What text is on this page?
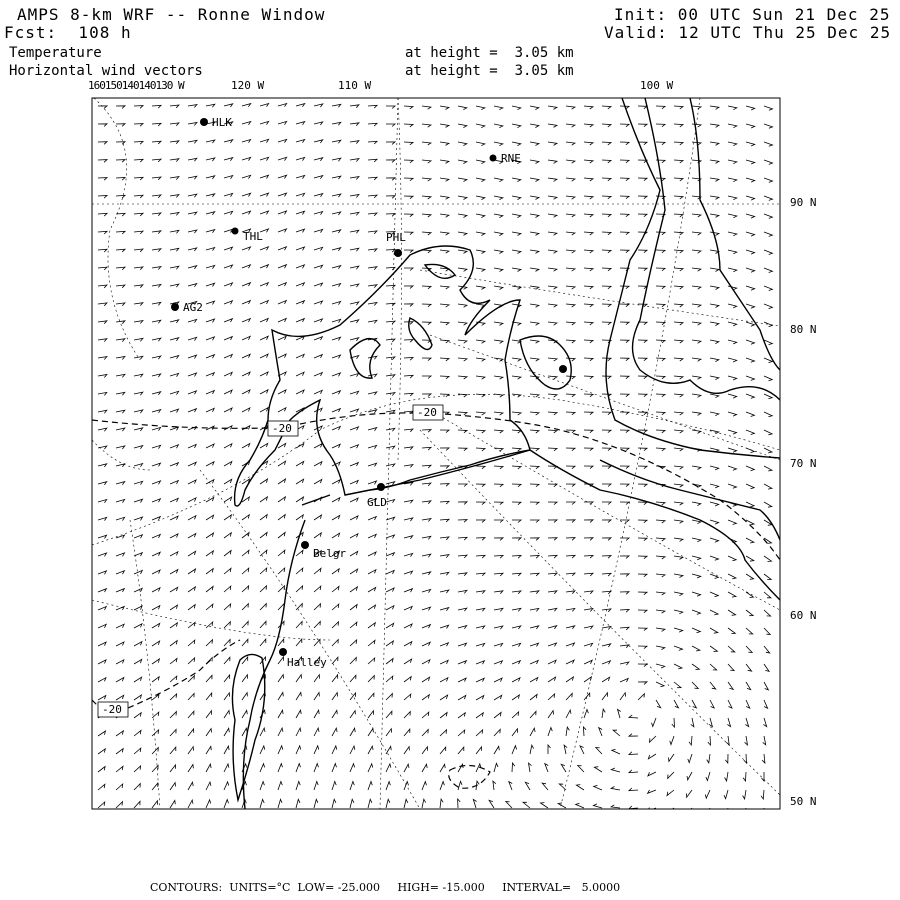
AMPS 8-km WRF -- Ronne Window
Fcst:  108 h
Init: 00 UTC Sun 21 Dec 25
Valid: 12 UTC Thu 25 Dec 25
Temperature	at height =  3.05 km
Horizontal wind vectors	at height =  3.05 km
160150140140130 W	120 W	110 W	100 W
90 N
80 N
70 N
60 N
50 N
-20
-20
-20
HLK
RNE
THL	PHL
AG2
GLD
Belgr
Halley
CONTOURS:  UNITS=°C  LOW= -25.000     HIGH= -15.000     INTERVAL=   5.0000
